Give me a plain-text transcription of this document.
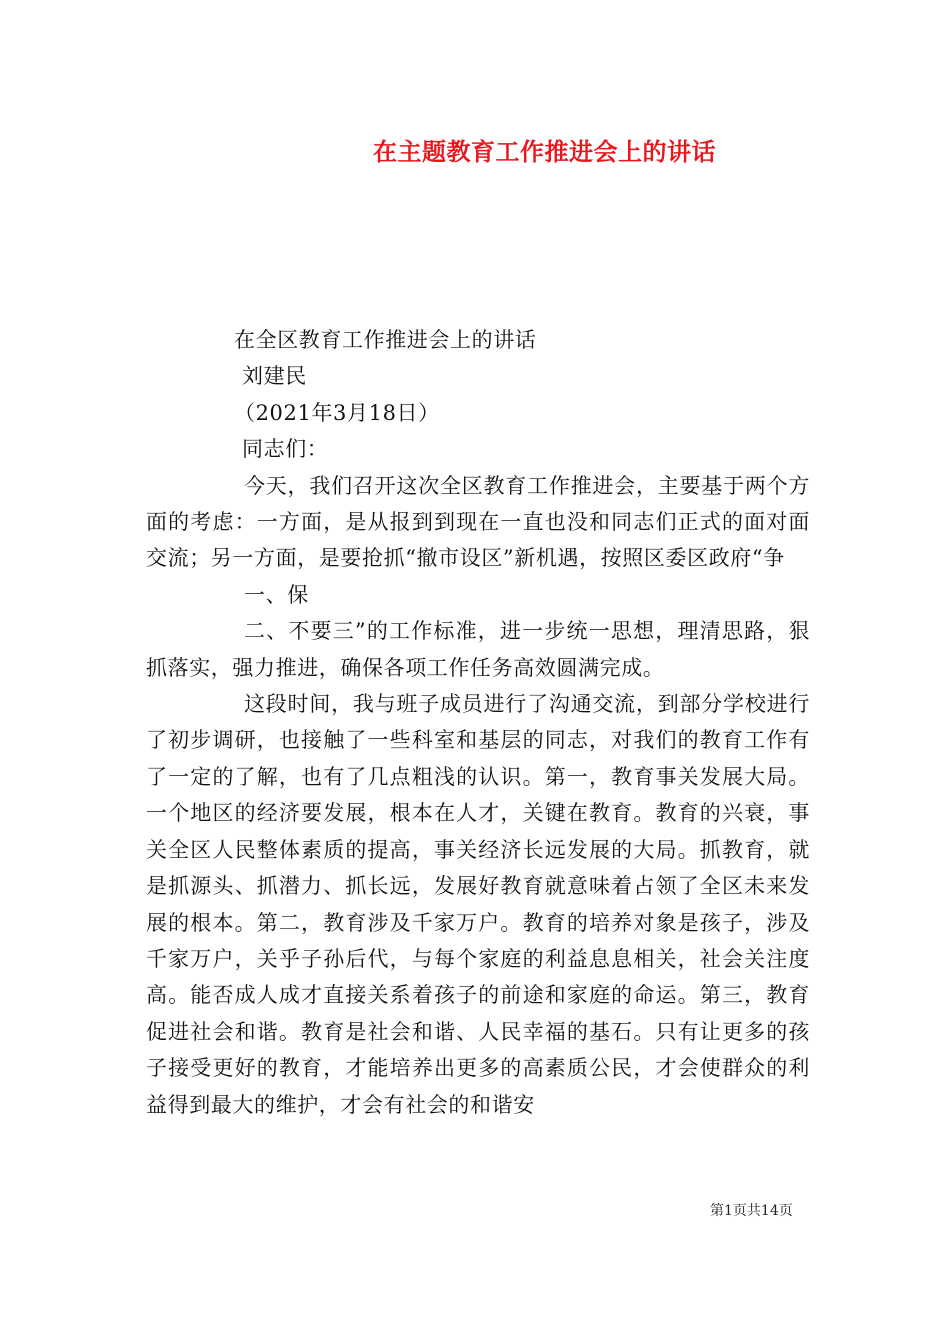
在主题教育工作推进会上的讲话

在全区教育工作推进会上的讲话

刘建民

（2021年3月18日）

同志们：

今天，我们召开这次全区教育工作推进会，主要基于两个方面的考虑：一方面，是从报到到现在一直也没和同志们正式的面对面交流；另一方面，是要抢抓“撤市设区”新机遇，按照区委区政府“争

一、保

二、不要三”的工作标准，进一步统一思想，理清思路，狠抓落实，强力推进，确保各项工作任务高效圆满完成。

这段时间，我与班子成员进行了沟通交流，到部分学校进行了初步调研，也接触了一些科室和基层的同志，对我们的教育工作有了一定的了解，也有了几点粗浅的认识。第一，教育事关发展大局。一个地区的经济要发展，根本在人才，关键在教育。教育的兴衰，事关全区人民整体素质的提高，事关经济长远发展的大局。抓教育，就是抓源头、抓潜力、抓长远，发展好教育就意味着占领了全区未来发展的根本。第二，教育涉及千家万户。教育的培养对象是孩子，涉及千家万户，关乎子孙后代，与每个家庭的利益息息相关，社会关注度高。能否成人成才直接关系着孩子的前途和家庭的命运。第三，教育促进社会和谐。教育是社会和谐、人民幸福的基石。只有让更多的孩子接受更好的教育，才能培养出更多的高素质公民，才会使群众的利益得到最大的维护，才会有社会的和谐安

第1页共14页
